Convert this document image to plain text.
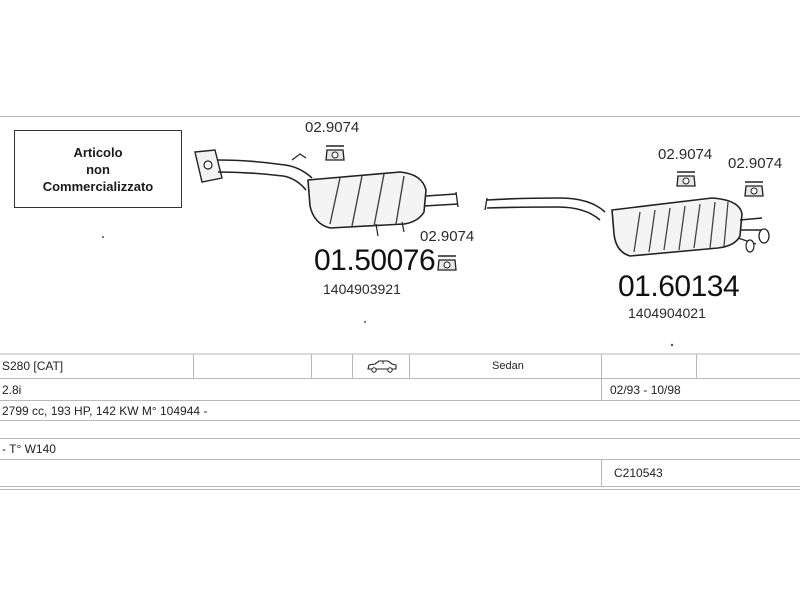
Articolo
non
Commercializzato
02.9074
02.9074
01.50076
1404903921
02.9074
02.9074
01.60134
1404904021
S280 [CAT]	Sedan
2.8i	02/93 - 10/98
2799 cc, 193 HP, 142 KW M° 104944 -
- T° W140
C210543
